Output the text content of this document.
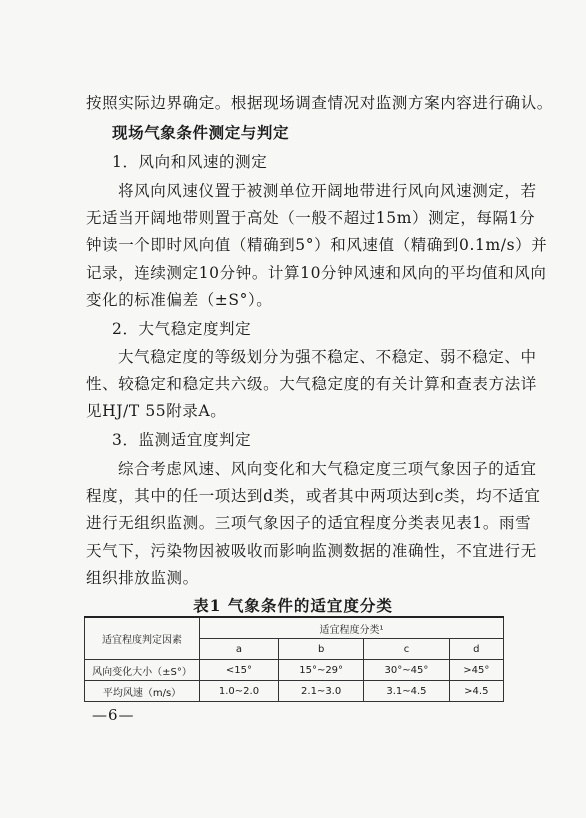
按照实际边界确定。根据现场调查情况对监测方案内容进行确认。
现场气象条件测定与判定
1．风向和风速的测定
将风向风速仪置于被测单位开阔地带进行风向风速测定，若
无适当开阔地带则置于高处（一般不超过15m）测定，每隔1分
钟读一个即时风向值（精确到5°）和风速值（精确到0.1m/s）并
记录，连续测定10分钟。计算10分钟风速和风向的平均值和风向
变化的标准偏差（±S°）。
2．大气稳定度判定
大气稳定度的等级划分为强不稳定、不稳定、弱不稳定、中
性、较稳定和稳定共六级。大气稳定度的有关计算和查表方法详
见HJ/T 55附录A。
3．监测适宜度判定
综合考虑风速、风向变化和大气稳定度三项气象因子的适宜
程度，其中的任一项达到d类，或者其中两项达到c类，均不适宜
进行无组织监测。三项气象因子的适宜程度分类表见表1。雨雪
天气下，污染物因被吸收而影响监测数据的准确性，不宜进行无
组织排放监测。
表1 气象条件的适宜度分类
适宜程度判定因素	适宜程度分类¹			
	a	b	c	d
风向变化大小（±S°）	<15°	15°~29°	30°~45°	>45°
平均风速（m/s）	1.0~2.0	2.1~3.0	3.1~4.5	>4.5
—6—
